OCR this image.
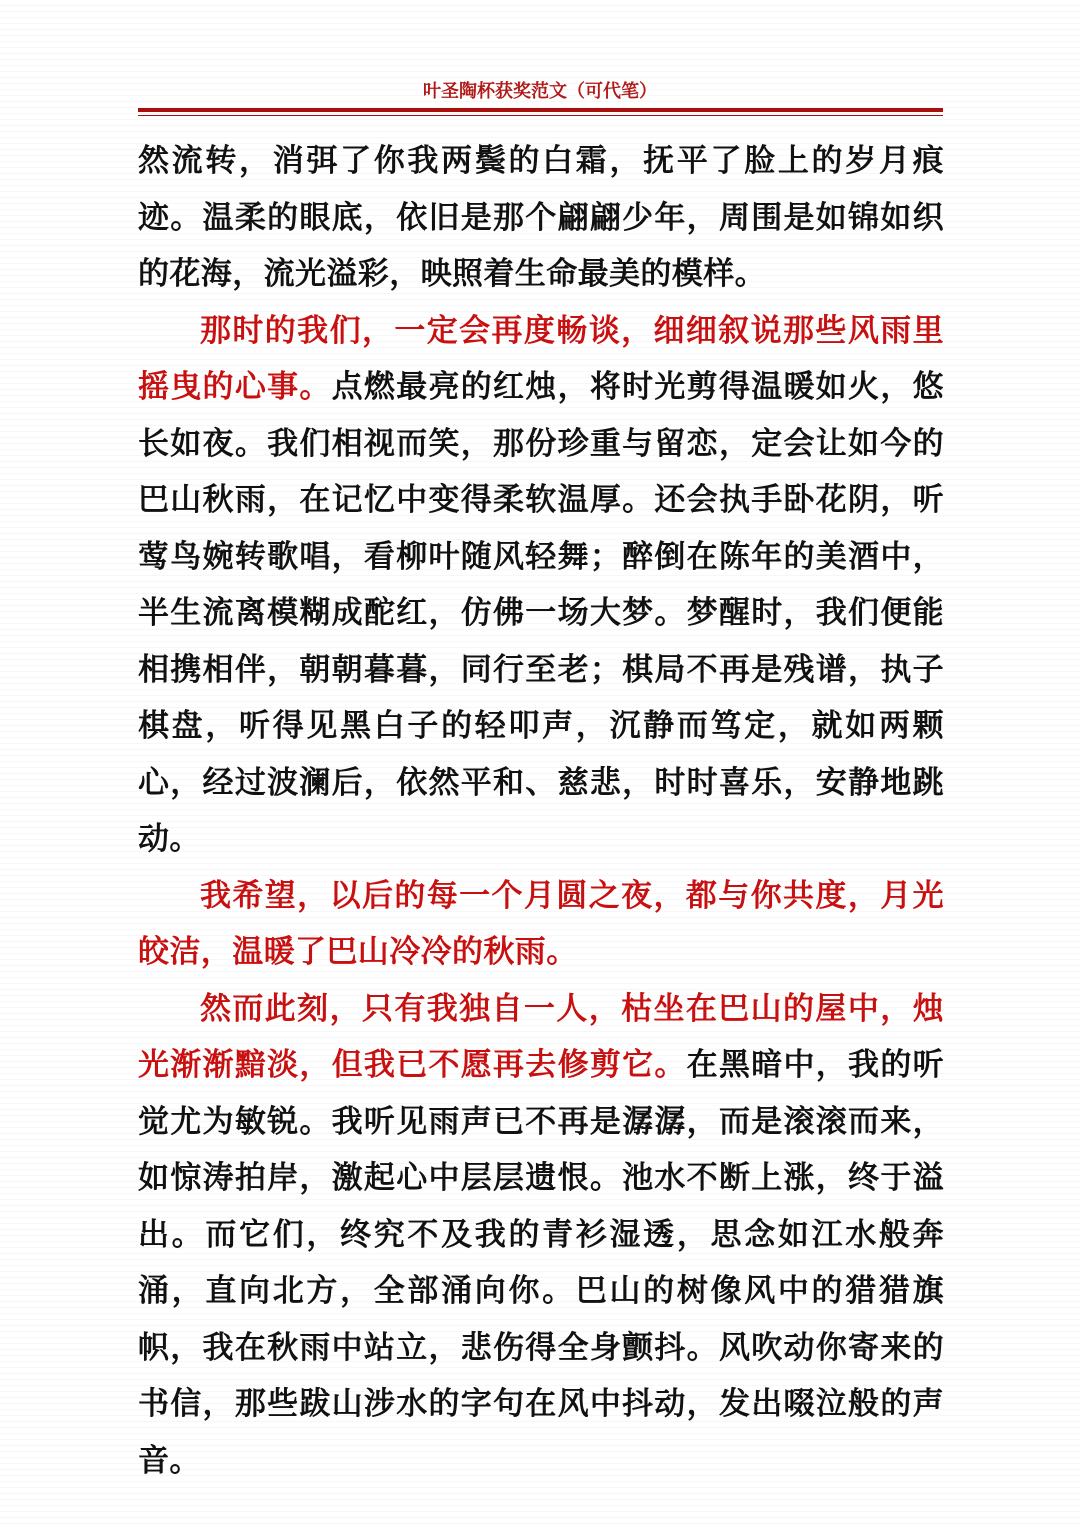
叶圣陶杯获奖范文（可代笔）

然流转，消弭了你我两鬓的白霜，抚平了脸上的岁月痕迹。温柔的眼底，依旧是那个翩翩少年，周围是如锦如织的花海，流光溢彩，映照着生命最美的模样。

那时的我们，一定会再度畅谈，细细叙说那些风雨里摇曳的心事。点燃最亮的红烛，将时光剪得温暖如火，悠长如夜。我们相视而笑，那份珍重与留恋，定会让如今的巴山秋雨，在记忆中变得柔软温厚。还会执手卧花阴，听莺鸟婉转歌唱，看柳叶随风轻舞；醉倒在陈年的美酒中，半生流离模糊成酡红，仿佛一场大梦。梦醒时，我们便能相携相伴，朝朝暮暮，同行至老；棋局不再是残谱，执子棋盘，听得见黑白子的轻叩声，沉静而笃定，就如两颗心，经过波澜后，依然平和、慈悲，时时喜乐，安静地跳动。

我希望，以后的每一个月圆之夜，都与你共度，月光皎洁，温暖了巴山冷冷的秋雨。

然而此刻，只有我独自一人，枯坐在巴山的屋中，烛光渐渐黯淡，但我已不愿再去修剪它。在黑暗中，我的听觉尤为敏锐。我听见雨声已不再是潺潺，而是滚滚而来，如惊涛拍岸，激起心中层层遗恨。池水不断上涨，终于溢出。而它们，终究不及我的青衫湿透，思念如江水般奔涌，直向北方，全部涌向你。巴山的树像风中的猎猎旗帜，我在秋雨中站立，悲伤得全身颤抖。风吹动你寄来的书信，那些跋山涉水的字句在风中抖动，发出啜泣般的声音。
